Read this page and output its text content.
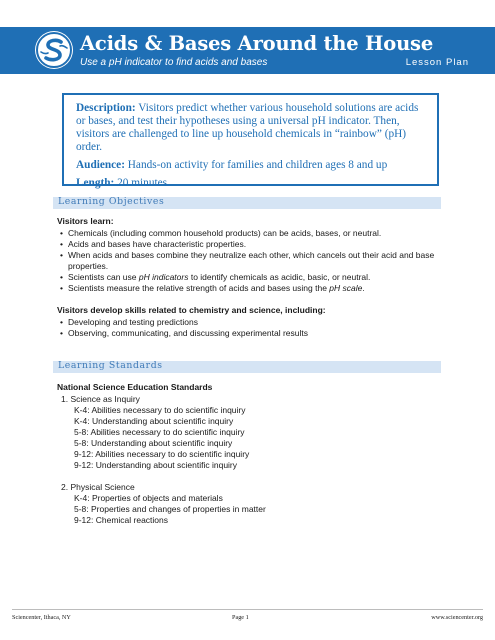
Acids & Bases Around the House
Use a pH indicator to find acids and bases	Lesson Plan

Description: Visitors predict whether various household solutions are acids or bases, and test their hypotheses using a universal pH indicator. Then, visitors are challenged to line up household chemicals in “rainbow” (pH) order.

Audience: Hands-on activity for families and children ages 8 and up

Length: 20 minutes

Learning Objectives
Visitors learn:
• Chemicals (including common household products) can be acids, bases, or neutral.
• Acids and bases have characteristic properties.
• When acids and bases combine they neutralize each other, which cancels out their acid and base properties.
• Scientists can use pH indicators to identify chemicals as acidic, basic, or neutral.
• Scientists measure the relative strength of acids and bases using the pH scale.
Visitors develop skills related to chemistry and science, including:
• Developing and testing predictions
• Observing, communicating, and discussing experimental results
Learning Standards
National Science Education Standards
1. Science as Inquiry
K-4: Abilities necessary to do scientific inquiry
K-4: Understanding about scientific inquiry
5-8: Abilities necessary to do scientific inquiry
5-8: Understanding about scientific inquiry
9-12: Abilities necessary to do scientific inquiry
9-12: Understanding about scientific inquiry
2. Physical Science
K-4: Properties of objects and materials
5-8: Properties and changes of properties in matter
9-12: Chemical reactions
Sciencenter, Ithaca, NY	Page 1	www.sciencenter.org
